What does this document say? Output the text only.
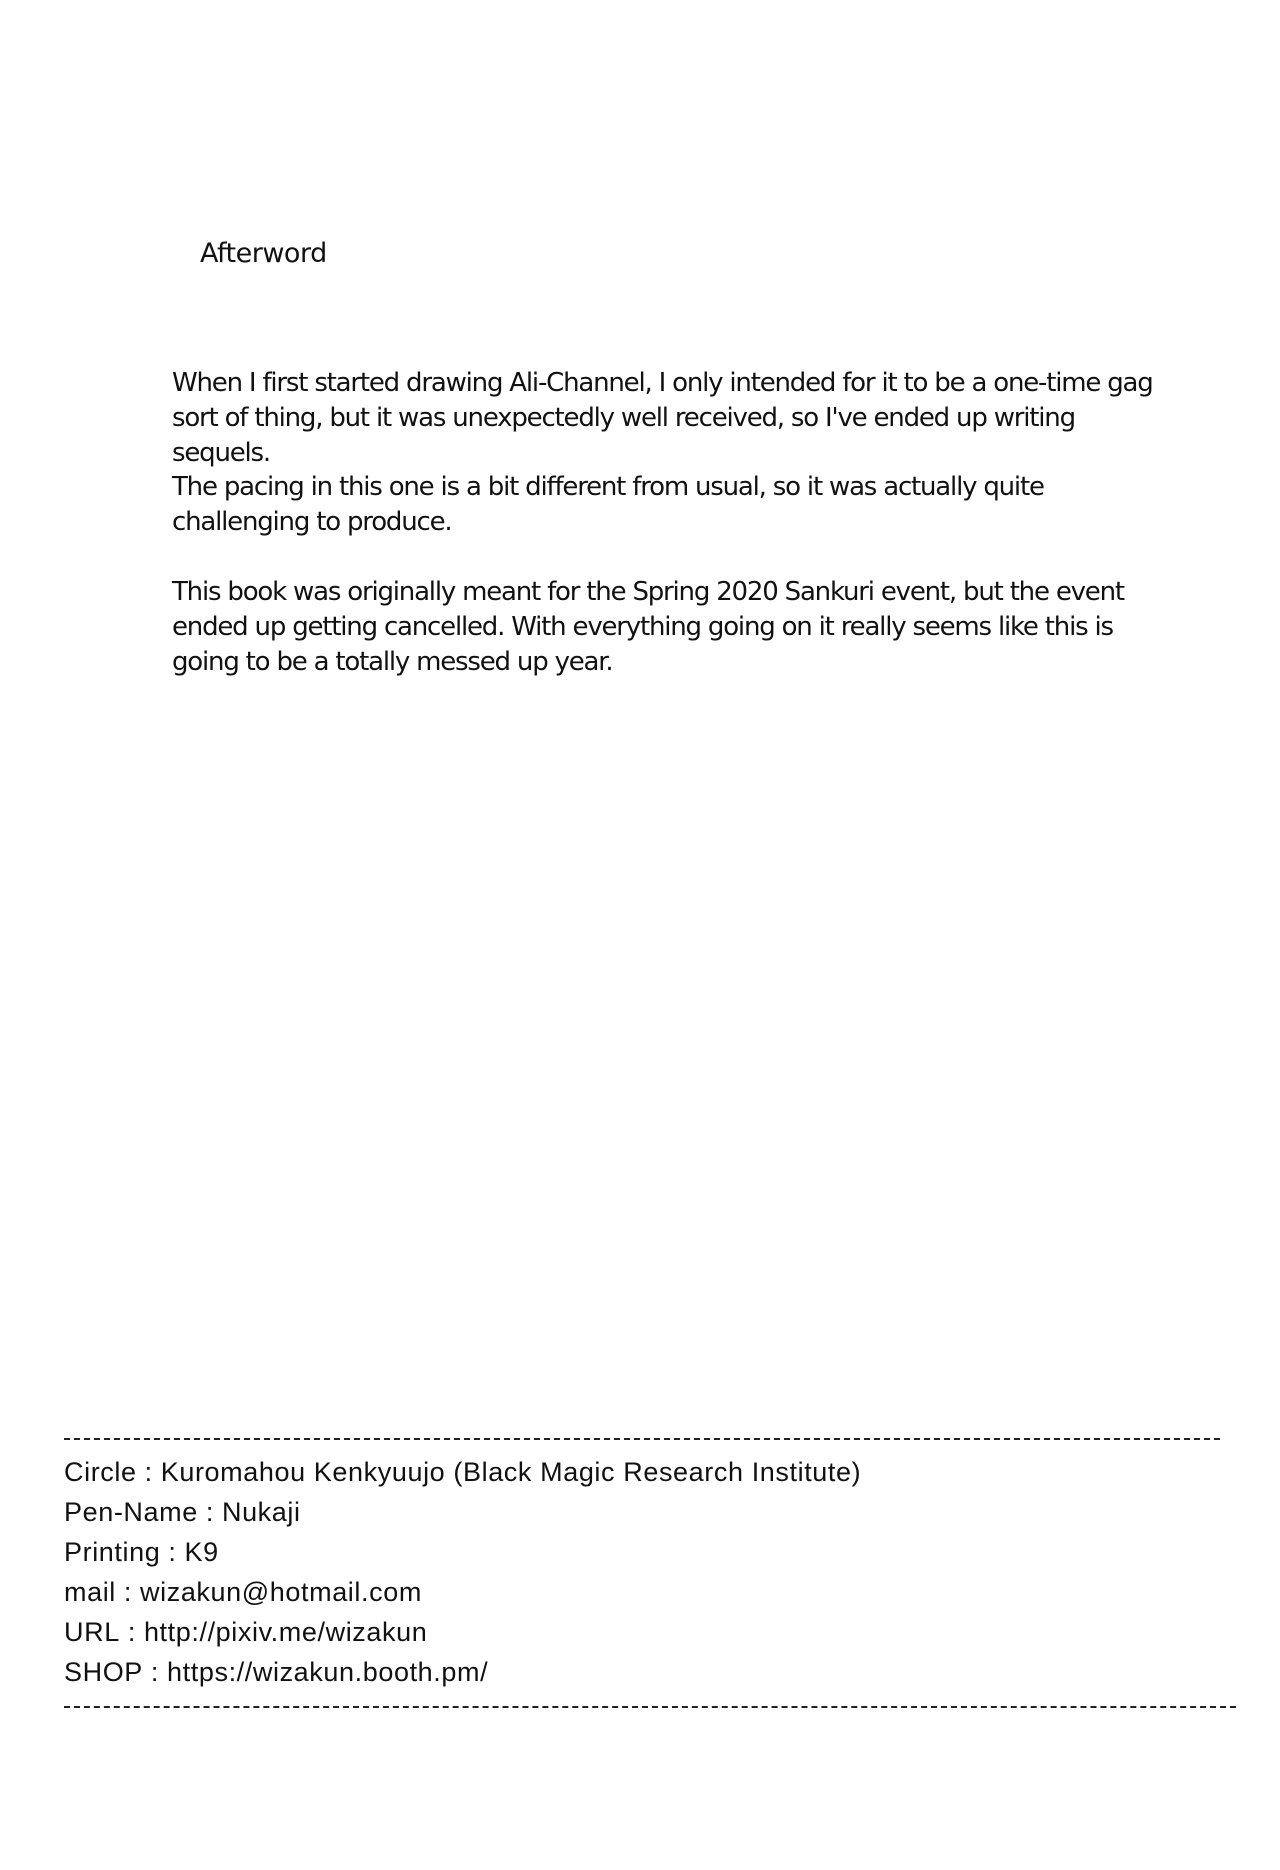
Afterword

When I first started drawing Ali-Channel, I only intended for it to be a one-time gag sort of thing, but it was unexpectedly well received, so I've ended up writing sequels.

The pacing in this one is a bit different from usual, so it was actually quite challenging to produce.

This book was originally meant for the Spring 2020 Sankuri event, but the event ended up getting cancelled. With everything going on it really seems like this is going to be a totally messed up year.

Circle : Kuromahou Kenkyuujo (Black Magic Research Institute)
Pen-Name : Nukaji
Printing : K9
mail : wizakun@hotmail.com
URL : http://pixiv.me/wizakun
SHOP : https://wizakun.booth.pm/
